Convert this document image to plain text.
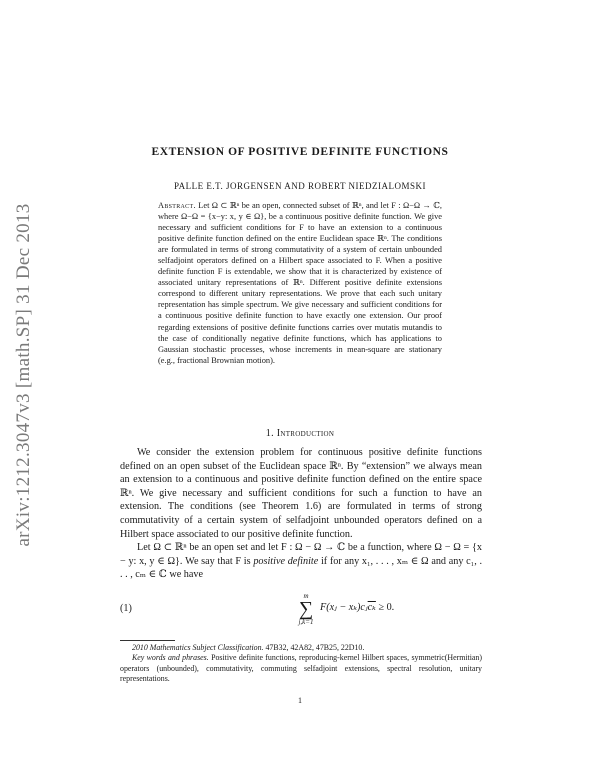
arXiv:1212.3047v3 [math.SP] 31 Dec 2013
EXTENSION OF POSITIVE DEFINITE FUNCTIONS
PALLE E.T. JORGENSEN AND ROBERT NIEDZIALOMSKI
Abstract. Let Ω ⊂ ℝⁿ be an open, connected subset of ℝⁿ, and let F : Ω−Ω → ℂ, where Ω−Ω = {x−y: x, y ∈ Ω}, be a continuous positive definite function. We give necessary and sufficient conditions for F to have an extension to a continuous positive definite function defined on the entire Euclidean space ℝⁿ. The conditions are formulated in terms of strong commutativity of a system of certain unbounded selfadjoint operators defined on a Hilbert space associated to F. When a positive definite function F is extendable, we show that it is characterized by existence of associated unitary representations of ℝⁿ. Different positive definite extensions correspond to different unitary representations. We prove that each such unitary representation has simple spectrum. We give necessary and sufficient conditions for a continuous positive definite function to have exactly one extension. Our proof regarding extensions of positive definite functions carries over mutatis mutandis to the case of conditionally negative definite functions, which has applications to Gaussian stochastic processes, whose increments in mean-square are stationary (e.g., fractional Brownian motion).
1. Introduction

We consider the extension problem for continuous positive definite functions defined on an open subset of the Euclidean space ℝⁿ. By “extension” we always mean an extension to a continuous and positive definite function defined on the entire space ℝⁿ. We give necessary and sufficient conditions for such a function to have an extension. The conditions (see Theorem 1.6) are formulated in terms of strong commutativity of a certain system of selfadjoint unbounded operators defined on a Hilbert space associated to our positive definite function.

Let Ω ⊂ ℝⁿ be an open set and let F : Ω − Ω → ℂ be a function, where Ω − Ω = {x − y: x, y ∈ Ω}. We say that F is positive definite if for any x₁, . . . , xₘ ∈ Ω and any c₁, . . . , cₘ ∈ ℂ we have

(1)
m
∑
j,k=1
F(xⱼ − $x_k)cⱼ\overline{c_k} \ge 0$.

2010 Mathematics Subject Classification. 47B32, 42A82, 47B25, 22D10.

Key words and phrases. Positive definite functions, reproducing-kernel Hilbert spaces, symmetric(Hermitian) operators (unbounded), commutativity, commuting selfadjoint extensions, spectral resolution, unitary representations.

1
